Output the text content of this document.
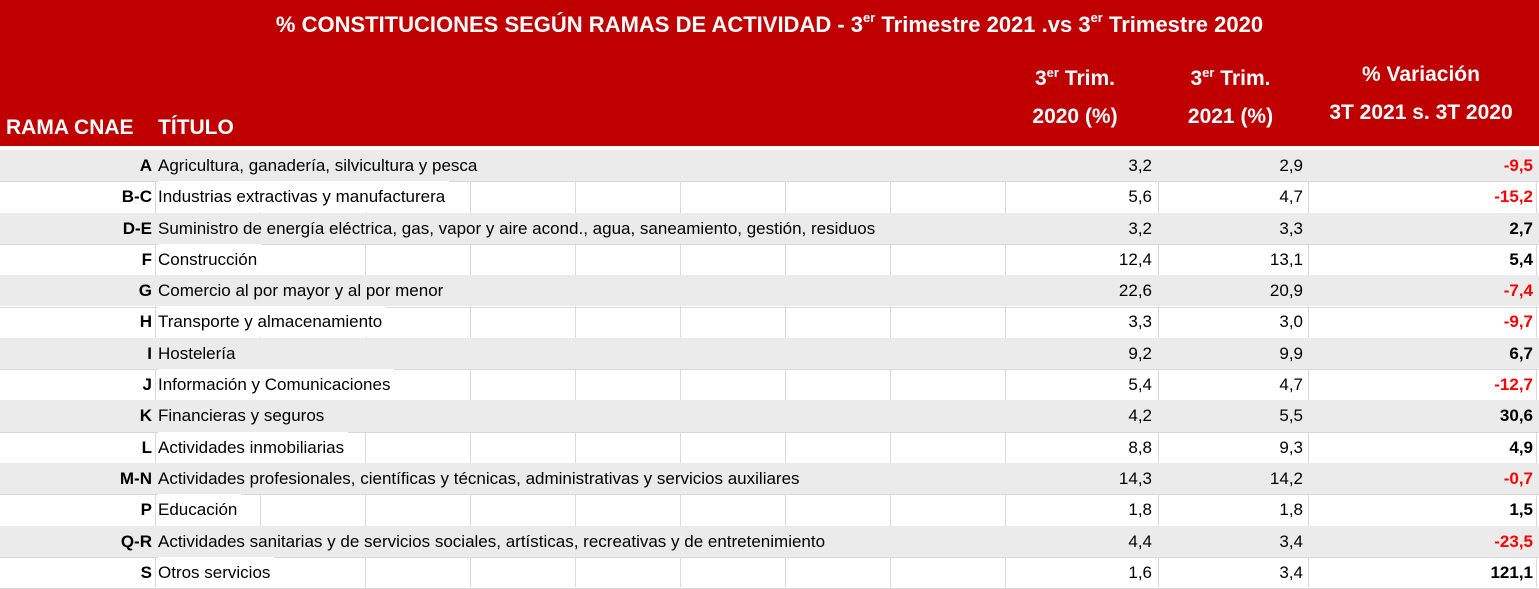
% CONSTITUCIONES SEGÚN RAMAS DE ACTIVIDAD - 3er Trimestre 2021 .vs 3er Trimestre 2020
RAMA CNAE TÍTULO
3er Trim.
2020 (%)
3er Trim.
2021 (%)
% Variación
3T 2021 s. 3T 2020
A Agricultura, ganadería, silvicultura y pesca	3,2	2,9	-9,5
B-C Industrias extractivas y manufacturera	5,6	4,7	-15,2
D-E Suministro de energía eléctrica, gas, vapor y aire acond., agua, saneamiento, gestión, residuos	3,2	3,3	2,7
F Construcción	12,4	13,1	5,4
G Comercio al por mayor y al por menor	22,6	20,9	-7,4
H Transporte y almacenamiento	3,3	3,0	-9,7
I Hostelería	9,2	9,9	6,7
J Información y Comunicaciones	5,4	4,7	-12,7
K Financieras y seguros	4,2	5,5	30,6
L Actividades inmobiliarias	8,8	9,3	4,9
M-N Actividades profesionales, científicas y técnicas, administrativas y servicios auxiliares	14,3	14,2	-0,7
P Educación	1,8	1,8	1,5
Q-R Actividades sanitarias y de servicios sociales, artísticas, recreativas y de entretenimiento	4,4	3,4	-23,5
S Otros servicios	1,6	3,4	121,1
